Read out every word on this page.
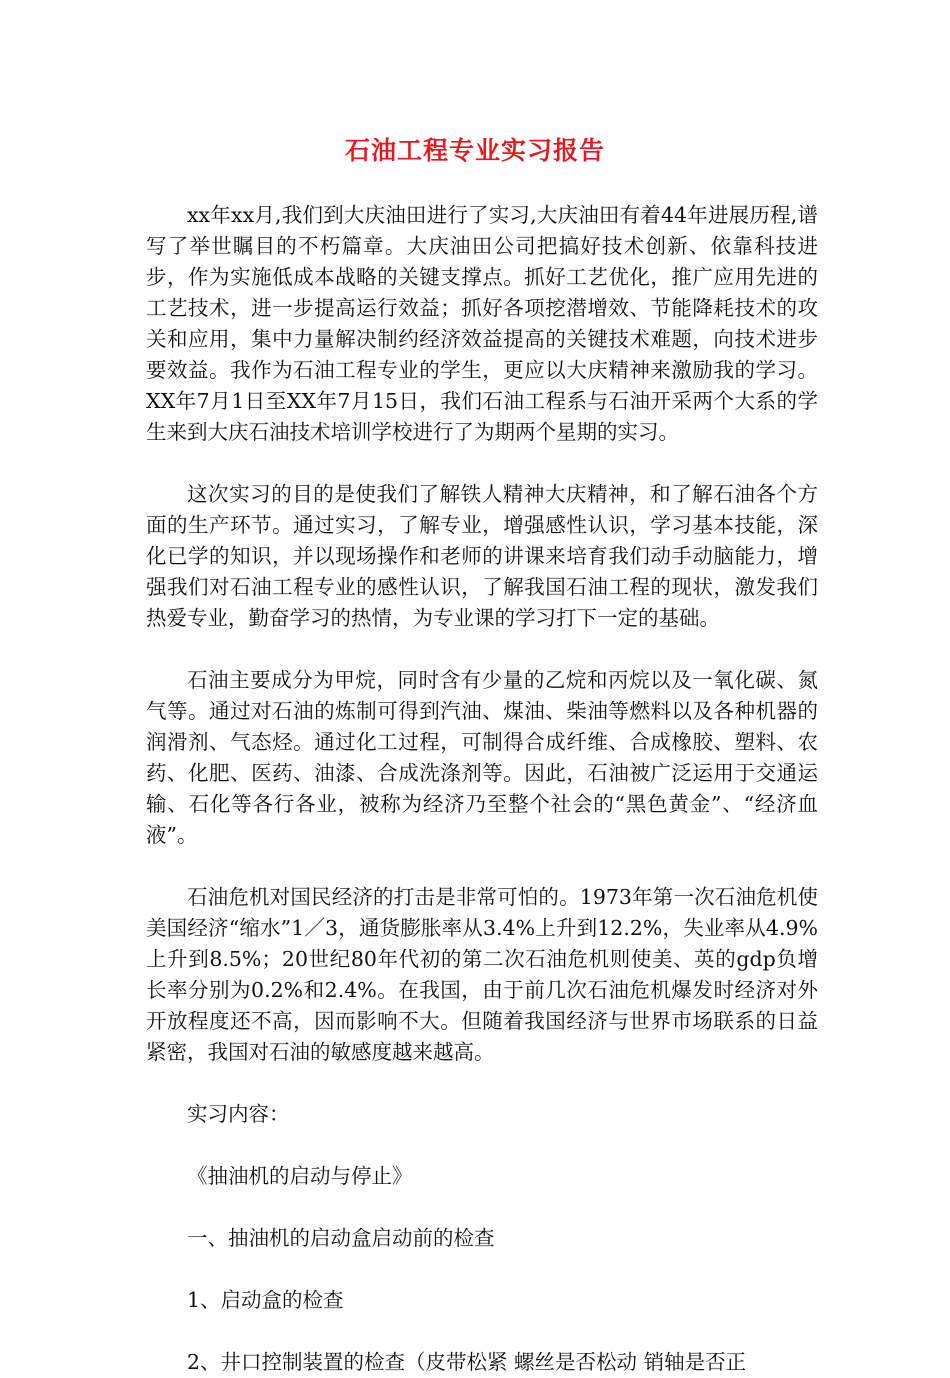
石油工程专业实习报告

xx年xx月,我们到大庆油田进行了实习,大庆油田有着44年进展历程,谱写了举世瞩目的不朽篇章。大庆油田公司把搞好技术创新、依靠科技进步，作为实施低成本战略的关键支撑点。抓好工艺优化，推广应用先进的工艺技术，进一步提高运行效益；抓好各项挖潜增效、节能降耗技术的攻关和应用，集中力量解决制约经济效益提高的关键技术难题，向技术进步要效益。我作为石油工程专业的学生，更应以大庆精神来激励我的学习。XX年7月1日至XX年7月15日，我们石油工程系与石油开采两个大系的学生来到大庆石油技术培训学校进行了为期两个星期的实习。

这次实习的目的是使我们了解铁人精神大庆精神，和了解石油各个方面的生产环节。通过实习，了解专业，增强感性认识，学习基本技能，深化已学的知识，并以现场操作和老师的讲课来培育我们动手动脑能力，增强我们对石油工程专业的感性认识，了解我国石油工程的现状，激发我们热爱专业，勤奋学习的热情，为专业课的学习打下一定的基础。

石油主要成分为甲烷，同时含有少量的乙烷和丙烷以及一氧化碳、氮气等。通过对石油的炼制可得到汽油、煤油、柴油等燃料以及各种机器的润滑剂、气态烃。通过化工过程，可制得合成纤维、合成橡胶、塑料、农药、化肥、医药、油漆、合成洗涤剂等。因此，石油被广泛运用于交通运输、石化等各行各业，被称为经济乃至整个社会的“黑色黄金”、“经济血液”。

石油危机对国民经济的打击是非常可怕的。1973年第一次石油危机使美国经济“缩水”1／3，通货膨胀率从3.4%上升到12.2%，失业率从4.9%上升到8.5%；20世纪80年代初的第二次石油危机则使美、英的gdp负增长率分别为0.2%和2.4%。在我国，由于前几次石油危机爆发时经济对外开放程度还不高，因而影响不大。但随着我国经济与世界市场联系的日益紧密，我国对石油的敏感度越来越高。

实习内容：

《抽油机的启动与停止》

一、抽油机的启动盒启动前的检查

1、启动盒的检查

2、井口控制装置的检查（皮带松紧 螺丝是否松动 销轴是否正
